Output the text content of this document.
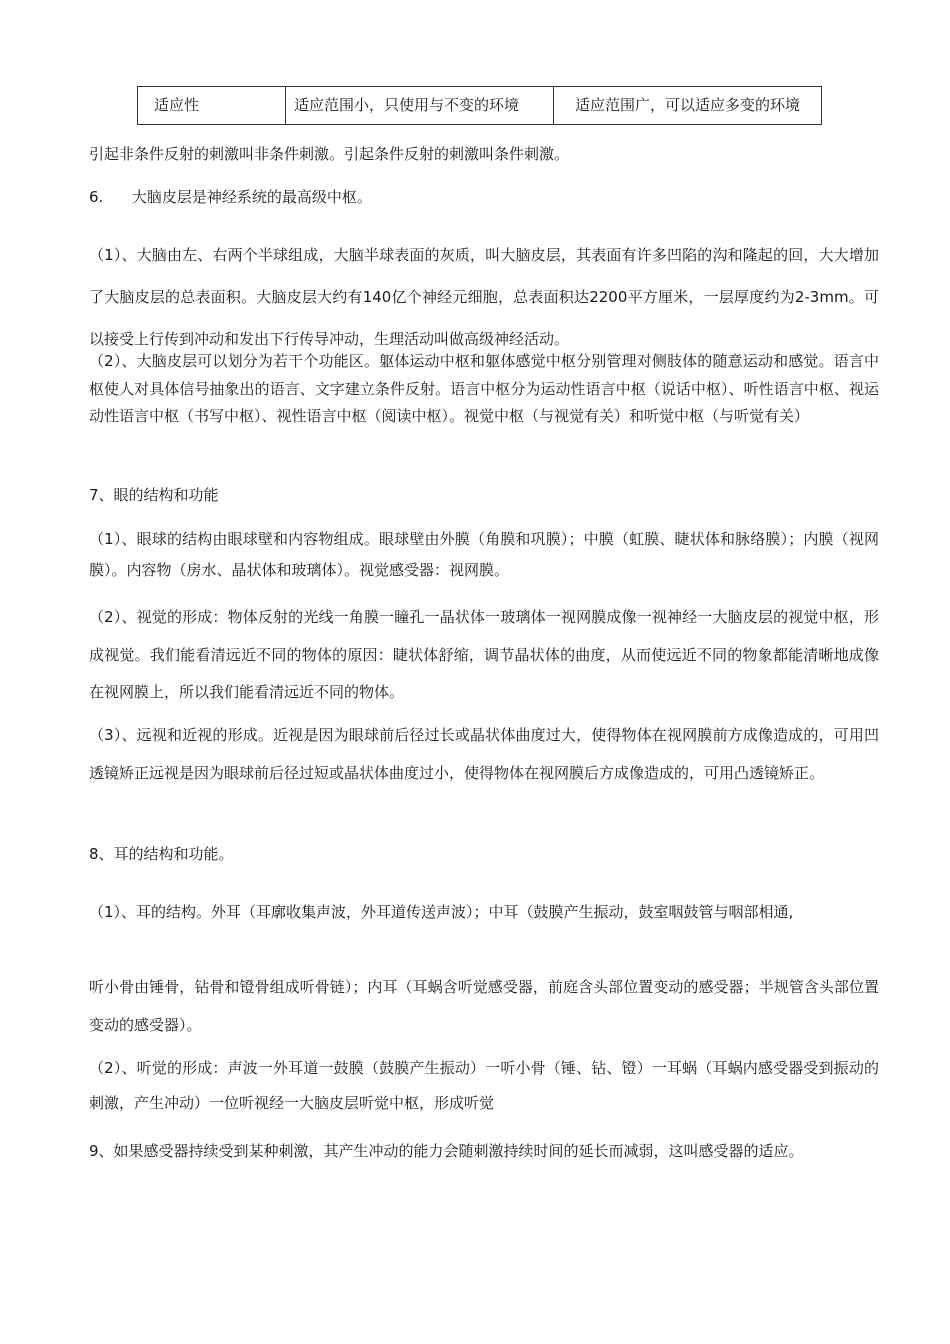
适应性	适应范围小，只使用与不变的环境	适应范围广，可以适应多变的环境

引起非条件反射的刺激叫非条件刺激。引起条件反射的刺激叫条件刺激。

6.      大脑皮层是神经系统的最高级中枢。

（1）、大脑由左、右两个半球组成，大脑半球表面的灰质，叫大脑皮层，其表面有许多凹陷的沟和隆起的回，大大增加了大脑皮层的总表面积。大脑皮层大约有140亿个神经元细胞，总表面积达2200平方厘米，一层厚度约为2-3mm。可以接受上行传到冲动和发出下行传导冲动，生理活动叫做高级神经活动。

（2）、大脑皮层可以划分为若干个功能区。躯体运动中枢和躯体感觉中枢分别管理对侧肢体的随意运动和感觉。语言中枢使人对具体信号抽象出的语言、文字建立条件反射。语言中枢分为运动性语言中枢（说话中枢）、听性语言中枢、视运动性语言中枢（书写中枢）、视性语言中枢（阅读中枢）。视觉中枢（与视觉有关）和听觉中枢（与听觉有关）

7、眼的结构和功能

（1）、眼球的结构由眼球壁和内容物组成。眼球壁由外膜（角膜和巩膜）；中膜（虹膜、睫状体和脉络膜）；内膜（视网膜）。内容物（房水、晶状体和玻璃体）。视觉感受器：视网膜。

（2）、视觉的形成：物体反射的光线一角膜一瞳孔一晶状体一玻璃体一视网膜成像一视神经一大脑皮层的视觉中枢，形成视觉。我们能看清远近不同的物体的原因：睫状体舒缩，调节晶状体的曲度，从而使远近不同的物象都能清晰地成像在视网膜上，所以我们能看清远近不同的物体。

（3）、远视和近视的形成。近视是因为眼球前后径过长或晶状体曲度过大，使得物体在视网膜前方成像造成的，可用凹透镜矫正远视是因为眼球前后径过短或晶状体曲度过小，使得物体在视网膜后方成像造成的，可用凸透镜矫正。

8、耳的结构和功能。

（1）、耳的结构。外耳（耳廓收集声波，外耳道传送声波）；中耳（鼓膜产生振动，鼓室咽鼓管与咽部相通,

听小骨由锤骨，钻骨和镫骨组成听骨链）；内耳（耳蜗含听觉感受器，前庭含头部位置变动的感受器；半规管含头部位置变动的感受器）。

（2）、听觉的形成：声波一外耳道一鼓膜（鼓膜产生振动）一听小骨（锤、钻、镫）一耳蜗（耳蜗内感受器受到振动的刺激，产生冲动）一位听视经一大脑皮层听觉中枢，形成听觉

9、如果感受器持续受到某种刺激，其产生冲动的能力会随刺激持续时间的延长而减弱，这叫感受器的适应。
